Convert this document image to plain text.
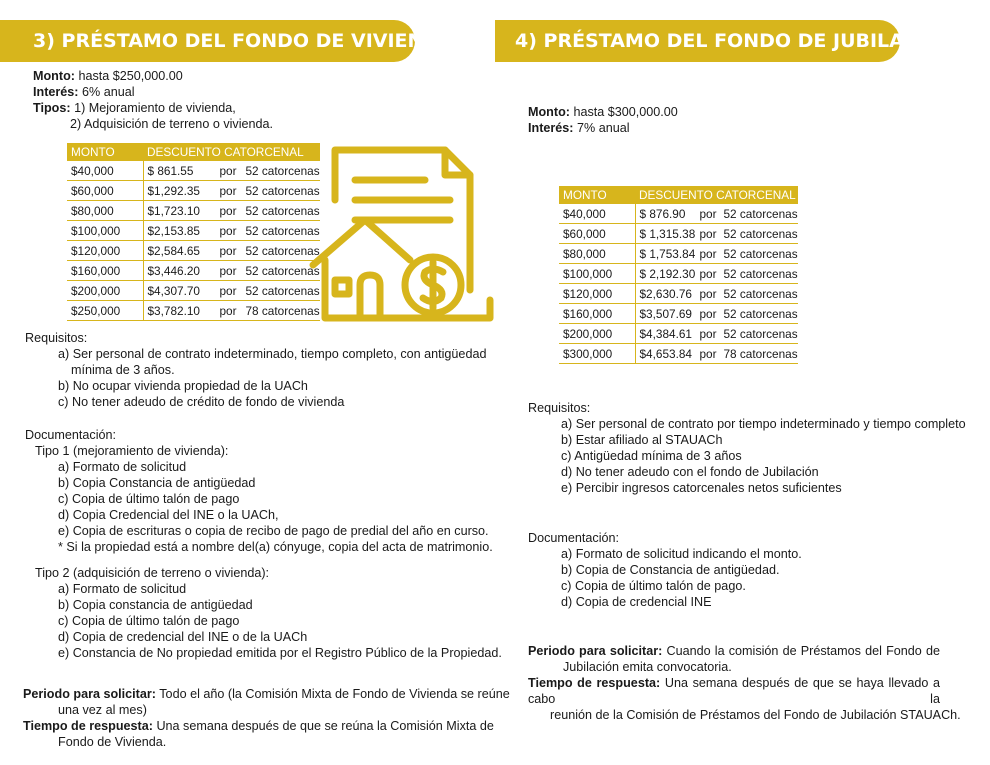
3) PRÉSTAMO DEL FONDO DE VIVIENDA

Monto: hasta $250,000.00

Interés: 6% anual

Tipos: 1) Mejoramiento de vivienda,

2) Adquisición de terreno o vivienda.

MONTO	DESCUENTO CATORCENAL
$40,000	$ 861.55 por 52 catorcenas
$60,000	$1,292.35 por 52 catorcenas
$80,000	$1,723.10 por 52 catorcenas
$100,000	$2,153.85 por 52 catorcenas
$120,000	$2,584.65 por 52 catorcenas
$160,000	$3,446.20 por 52 catorcenas
$200,000	$4,307.70 por 52 catorcenas
$250,000	$3,782.10 por 78 catorcenas

Requisitos:

a) Ser personal de contrato indeterminado, tiempo completo, con antigüedad

mínima de 3 años.

b) No ocupar vivienda propiedad de la UACh

c) No tener adeudo de crédito de fondo de vivienda

Documentación:

Tipo 1 (mejoramiento de vivienda):

a) Formato de solicitud

b) Copia Constancia de antigüedad

c) Copia de último talón de pago

d) Copia Credencial del INE o la UACh,

e) Copia de escrituras o copia de recibo de pago de predial del año en curso.

* Si la propiedad está a nombre del(a) cónyuge, copia del acta de matrimonio.

Tipo 2 (adquisición de terreno o vivienda):

a) Formato de solicitud

b) Copia constancia de antigüedad

c) Copia de último talón de pago

d) Copia de credencial del INE o de la UACh

e) Constancia de No propiedad emitida por el Registro Público de la Propiedad.

Periodo para solicitar: Todo el año (la Comisión Mixta de Fondo de Vivienda se reúne

una vez al mes)

Tiempo de respuesta: Una semana después de que se reúna la Comisión Mixta de

Fondo de Vivienda.

4) PRÉSTAMO DEL FONDO DE JUBILACIÓN

Monto: hasta $300,000.00

Interés: 7% anual

MONTO	DESCUENTO CATORCENAL
$40,000	$ 876.90 por 52 catorcenas
$60,000	$ 1,315.38 por 52 catorcenas
$80,000	$ 1,753.84 por 52 catorcenas
$100,000	$ 2,192.30 por 52 catorcenas
$120,000	$2,630.76 por 52 catorcenas
$160,000	$3,507.69 por 52 catorcenas
$200,000	$4,384.61 por 52 catorcenas
$300,000	$4,653.84 por 78 catorcenas

Requisitos:

a) Ser personal de contrato por tiempo indeterminado y tiempo completo

b) Estar afiliado al STAUACh

c) Antigüedad mínima de 3 años

d) No tener adeudo con el fondo de Jubilación

e) Percibir ingresos catorcenales netos suficientes

Documentación:

a) Formato de solicitud indicando el monto.

b) Copia de Constancia de antigüedad.

c) Copia de último talón de pago.

d) Copia de credencial INE

Periodo para solicitar: Cuando la comisión de Préstamos del Fondo de

Jubilación emita convocatoria.

Tiempo de respuesta: Una semana después de que se haya llevado a cabo la

reunión de la Comisión de Préstamos del Fondo de Jubilación STAUACh.
